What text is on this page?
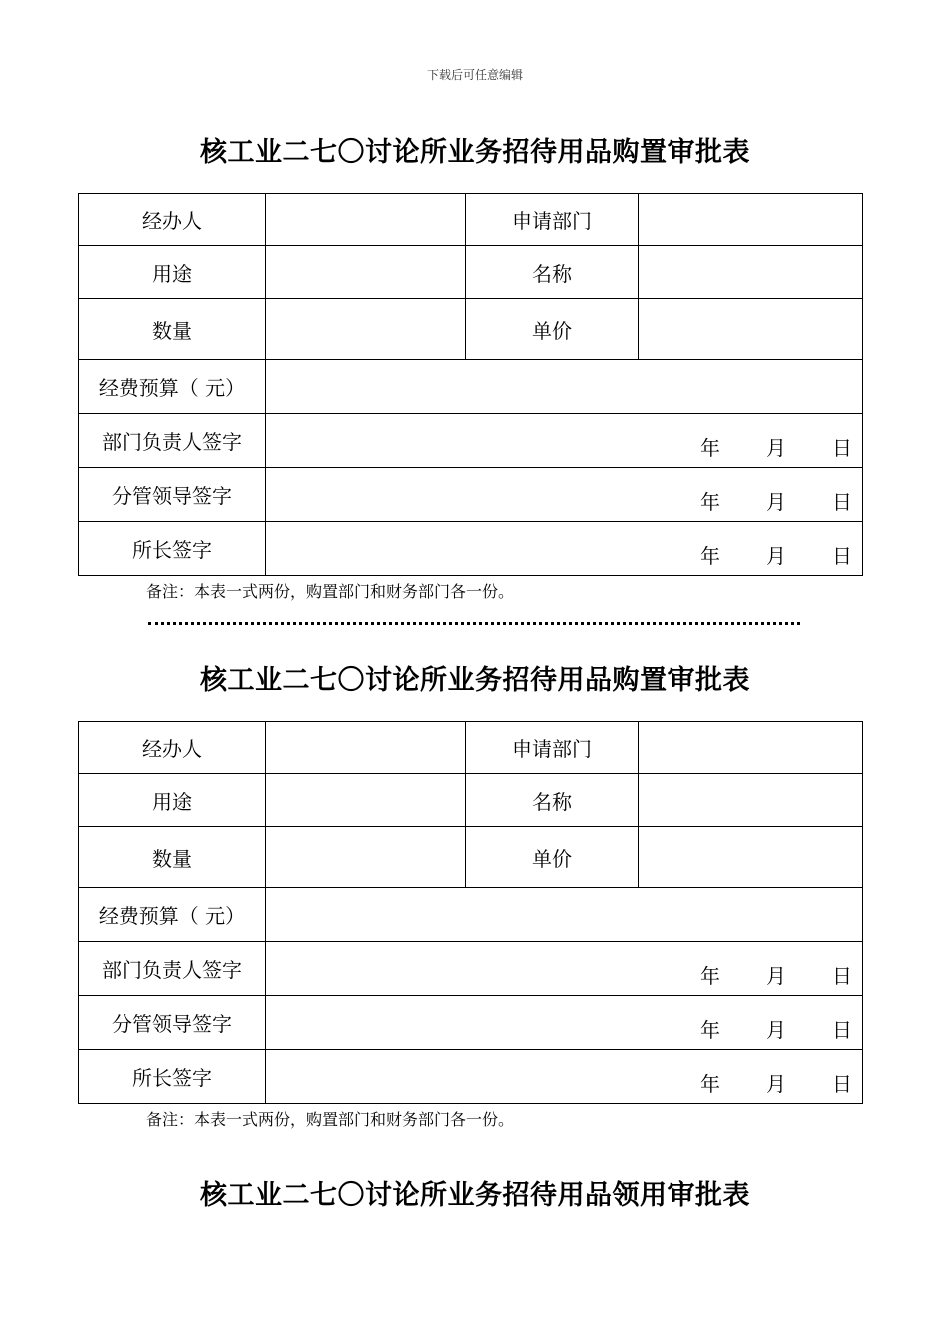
下载后可任意编辑
核工业二七〇讨论所业务招待用品购置审批表
经办人		申请部门	
用途		名称	
数量		单价	
经费预算（ 元）			
部门负责人签字	年 月 日		

分管领导签字	年 月 日		

所长签字	年 月 日		
备注：本表一式两份，购置部门和财务部门各一份。
核工业二七〇讨论所业务招待用品购置审批表
经办人		申请部门	
用途		名称	
数量		单价	
经费预算（ 元）			
部门负责人签字	年 月 日		

分管领导签字	年 月 日		

所长签字	年 月 日		
备注：本表一式两份，购置部门和财务部门各一份。
核工业二七〇讨论所业务招待用品领用审批表
